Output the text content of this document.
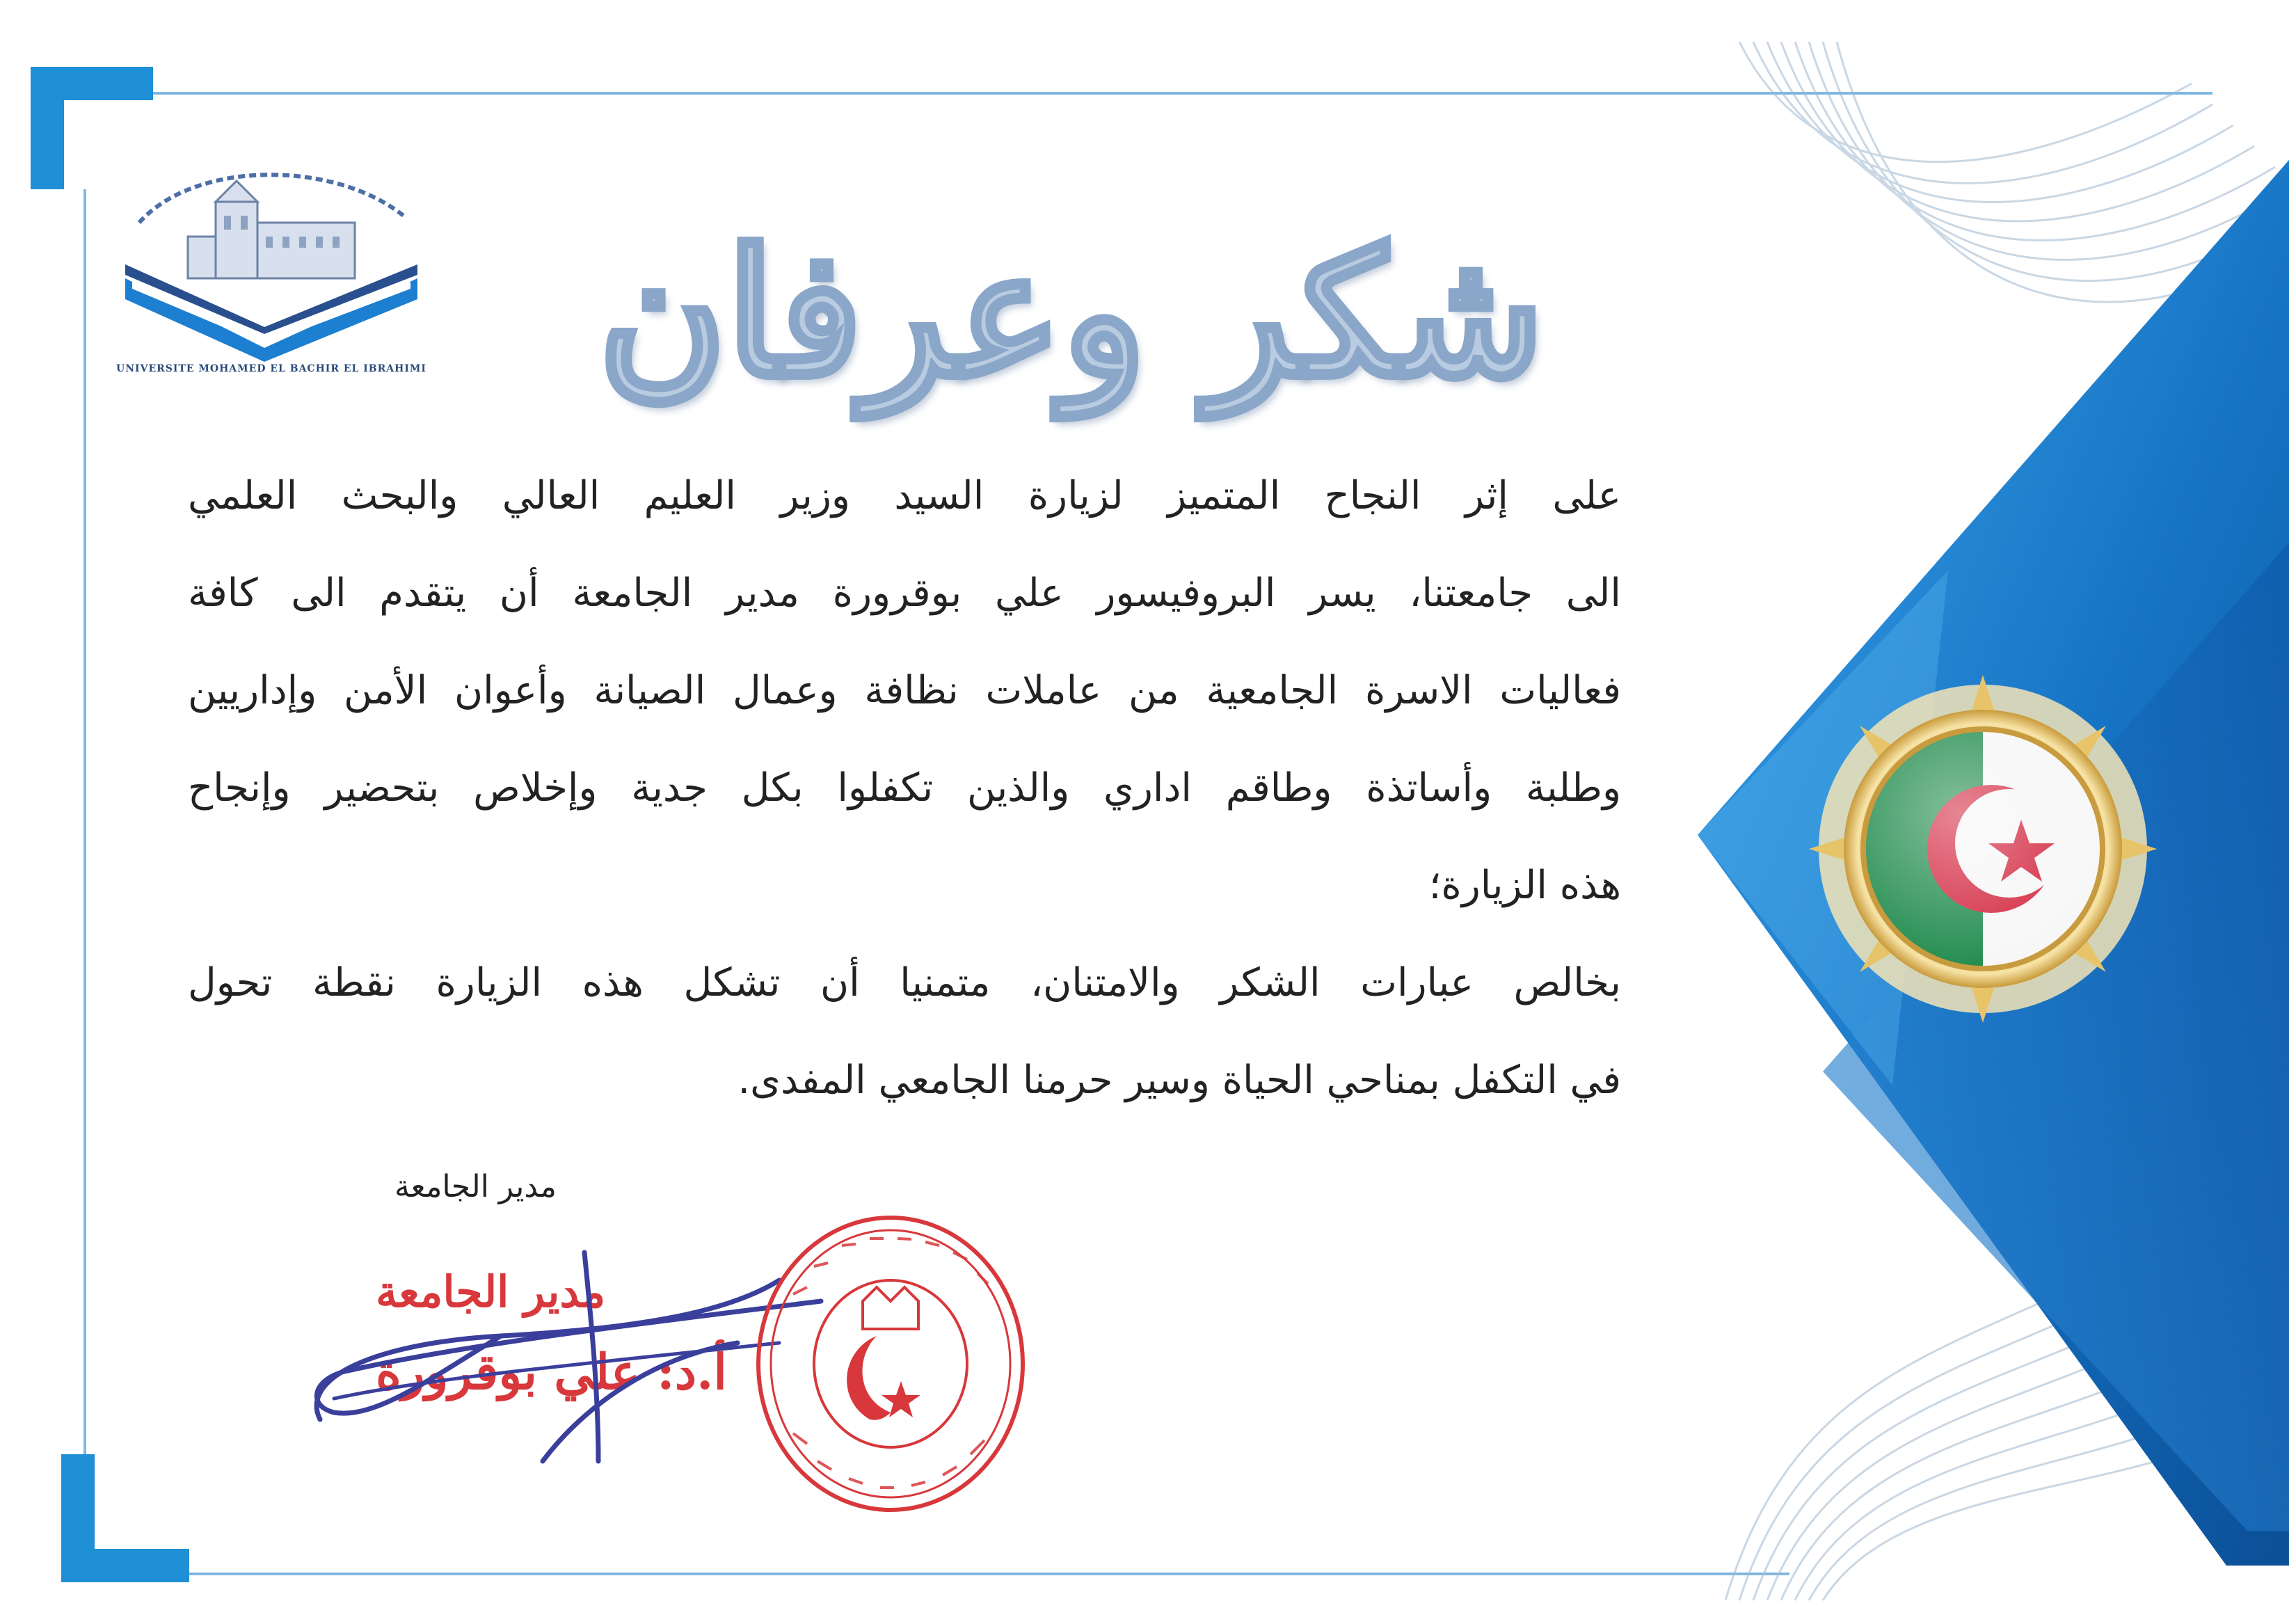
UNIVERSITE MOHAMED EL BACHIR EL IBRAHIMI شكر وعرفان
على إثر النجاح المتميز لزيارة السيد وزير العليم العالي والبحث العلمي
الى جامعتنا، يسر البروفيسور علي بوقرورة مدير الجامعة أن يتقدم الى كافة
فعاليات الاسرة الجامعية من عاملات نظافة وعمال الصيانة وأعوان الأمن وإداريين
وطلبة وأساتذة وطاقم اداري والذين تكفلوا بكل جدية وإخلاص بتحضير وإنجاح
هذه الزيارة؛
بخالص عبارات الشكر والامتنان، متمنيا أن تشكل هذه الزيارة نقطة تحول
في التكفل بمناحي الحياة وسير حرمنا الجامعي المفدى.
مدير الجامعة
مدير الجامعة
أ.د: علي بوقرورة
